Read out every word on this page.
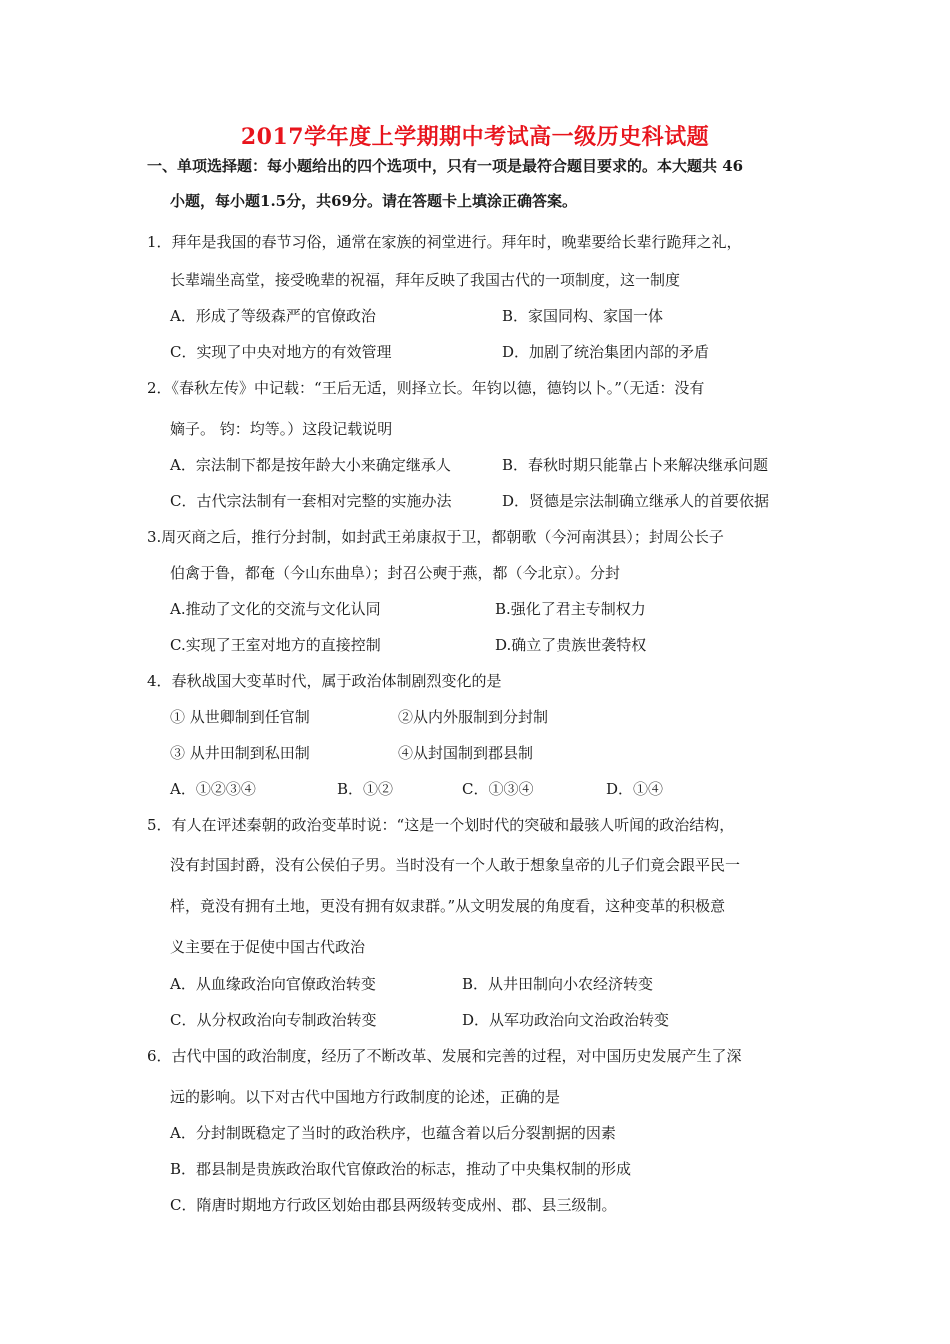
2017学年度上学期期中考试高一级历史科试题
一、单项选择题：每小题给出的四个选项中，只有一项是最符合题目要求的。本大题共 46
小题，每小题1.5分，共69分。请在答题卡上填涂正确答案。
1．拜年是我国的春节习俗，通常在家族的祠堂进行。拜年时，晚辈要给长辈行跪拜之礼，
长辈端坐高堂，接受晚辈的祝福，拜年反映了我国古代的一项制度，这一制度
A．形成了等级森严的官僚政治	B．家国同构、家国一体
C．实现了中央对地方的有效管理	D．加剧了统治集团内部的矛盾
2．《春秋左传》中记载：“王后无适，则择立长。年钧以德，德钧以卜。”（无适：没有
嫡子。 钧：均等。）这段记载说明
A．宗法制下都是按年龄大小来确定继承人	B．春秋时期只能靠占卜来解决继承问题
C．古代宗法制有一套相对完整的实施办法	D．贤德是宗法制确立继承人的首要依据
3.周灭商之后，推行分封制，如封武王弟康叔于卫，都朝歌（今河南淇县）；封周公长子
伯禽于鲁，都奄（今山东曲阜）；封召公奭于燕，都（今北京）。分封
A.推动了文化的交流与文化认同	B.强化了君主专制权力
C.实现了王室对地方的直接控制	D.确立了贵族世袭特权
4．春秋战国大变革时代，属于政治体制剧烈变化的是
① 从世卿制到任官制	②从内外服制到分封制
③ 从井田制到私田制	④从封国制到郡县制
A．①②③④	B．①②	C．①③④	D．①④
5．有人在评述秦朝的政治变革时说：“这是一个划时代的突破和最骇人听闻的政治结构，
没有封国封爵，没有公侯伯子男。当时没有一个人敢于想象皇帝的儿子们竟会跟平民一
样，竟没有拥有土地，更没有拥有奴隶群。”从文明发展的角度看，这种变革的积极意
义主要在于促使中国古代政治
A．从血缘政治向官僚政治转变	B．从井田制向小农经济转变
C．从分权政治向专制政治转变	D．从军功政治向文治政治转变
6．古代中国的政治制度，经历了不断改革、发展和完善的过程，对中国历史发展产生了深
远的影响。以下对古代中国地方行政制度的论述，正确的是
A．分封制既稳定了当时的政治秩序，也蕴含着以后分裂割据的因素
B．郡县制是贵族政治取代官僚政治的标志，推动了中央集权制的形成
C．隋唐时期地方行政区划始由郡县两级转变成州、郡、县三级制。
